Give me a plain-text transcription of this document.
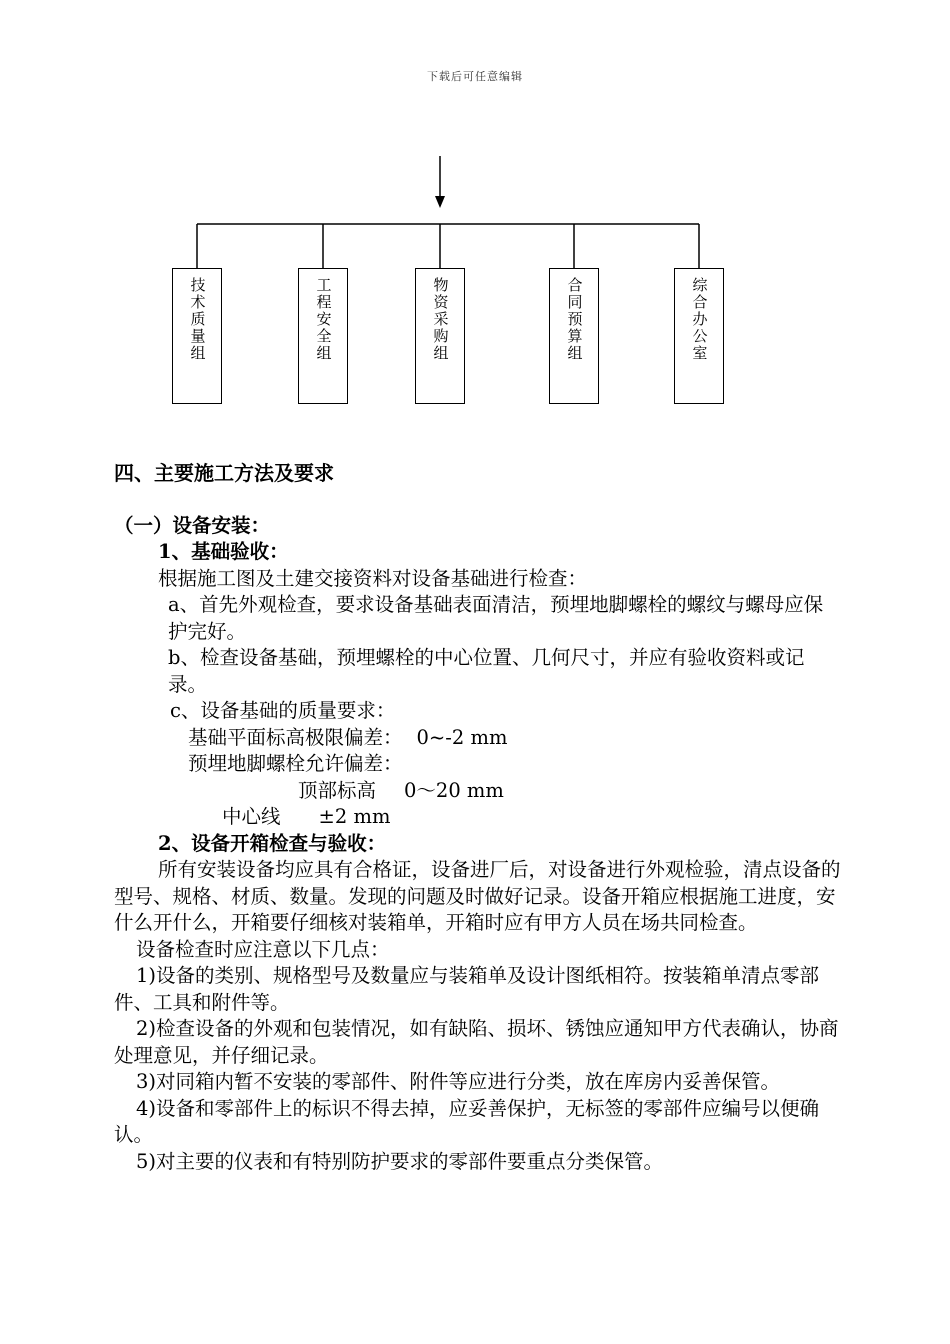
下载后可任意编辑
技术质量组	工程安全组	物资采购组	合同预算组	综合办公室

四、主要施工方法及要求

（一）设备安装：

1、基础验收：

根据施工图及土建交接资料对设备基础进行检查：

a、首先外观检查，要求设备基础表面清洁，预埋地脚螺栓的螺纹与螺母应保护完好。

b、检查设备基础，预埋螺栓的中心位置、几何尺寸，并应有验收资料或记录。

c、设备基础的质量要求：

基础平面标高极限偏差： 0~-2 mm

预埋地脚螺栓允许偏差：

顶部标高 0～20 mm

中心线 ±2 mm

2、设备开箱检查与验收：

所有安装设备均应具有合格证，设备进厂后，对设备进行外观检验，清点设备的型号、规格、材质、数量。发现的问题及时做好记录。设备开箱应根据施工进度，安什么开什么，开箱要仔细核对装箱单，开箱时应有甲方人员在场共同检查。

设备检查时应注意以下几点：

1)设备的类别、规格型号及数量应与装箱单及设计图纸相符。按装箱单清点零部件、工具和附件等。

2)检查设备的外观和包装情况，如有缺陷、损坏、锈蚀应通知甲方代表确认，协商处理意见，并仔细记录。

3)对同箱内暂不安装的零部件、附件等应进行分类，放在库房内妥善保管。

4)设备和零部件上的标识不得去掉，应妥善保护，无标签的零部件应编号以便确认。

5)对主要的仪表和有特别防护要求的零部件要重点分类保管。
